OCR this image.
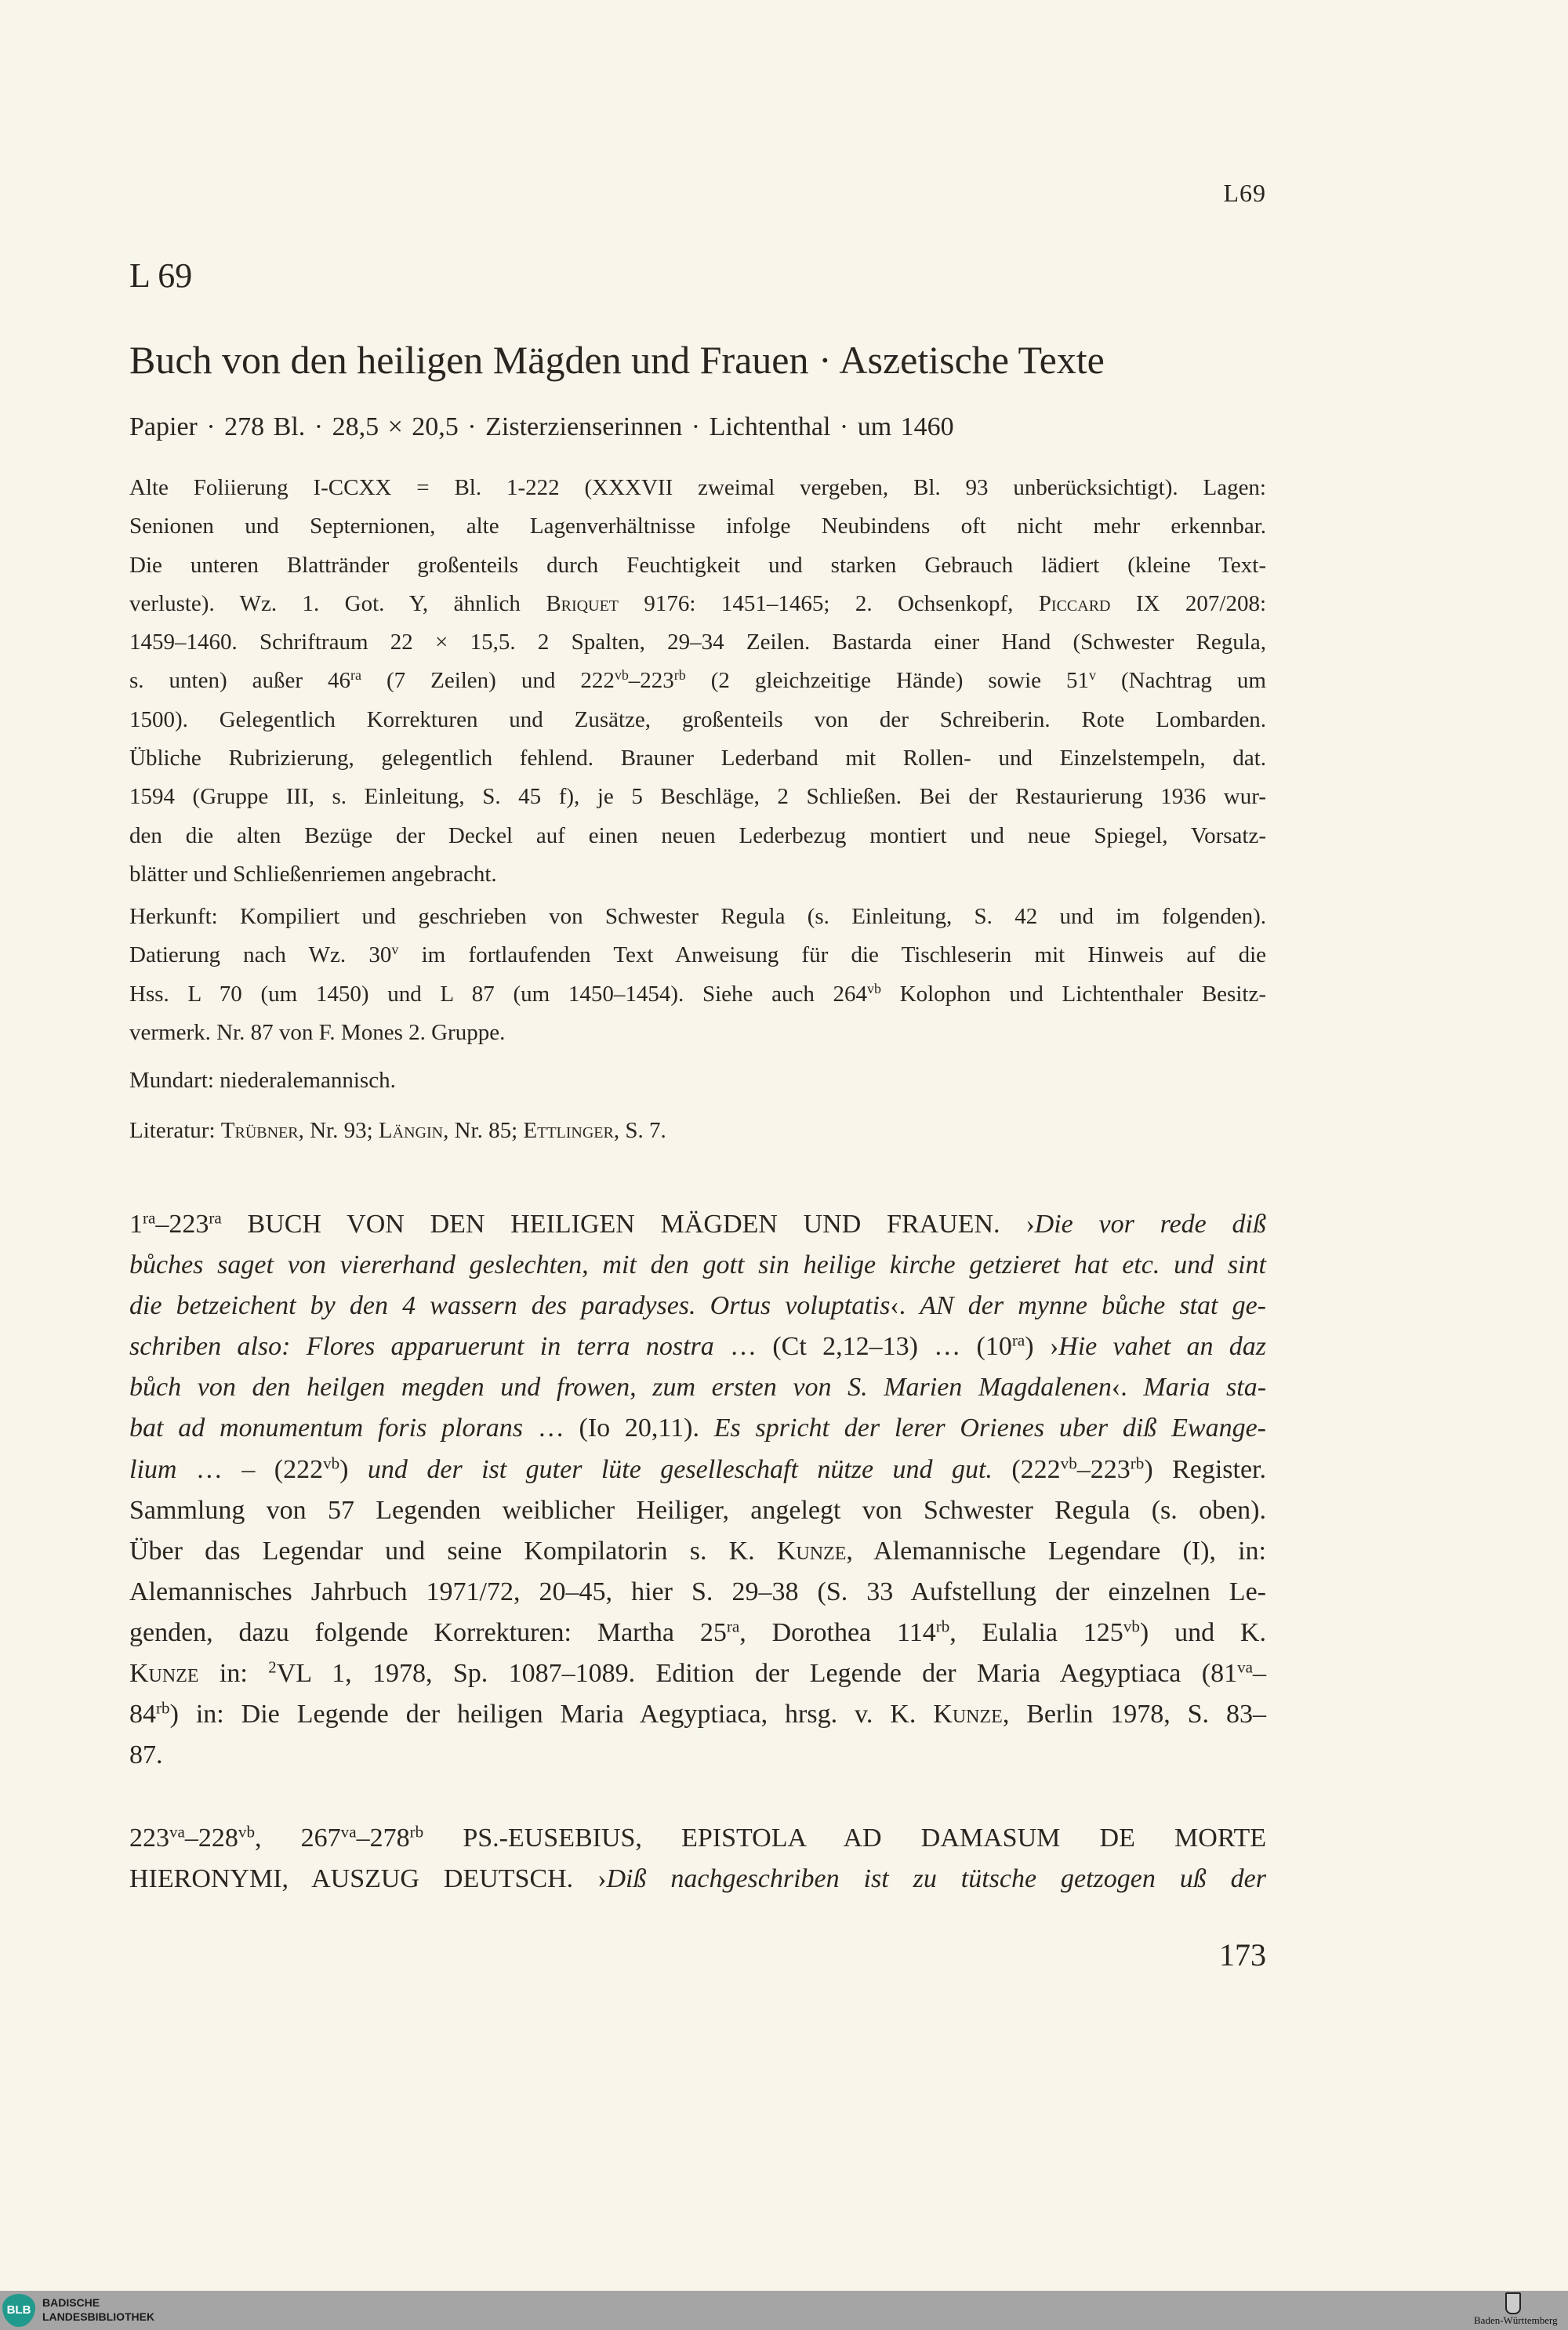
L69
L 69
Buch von den heiligen Mägden und Frauen · Aszetische Texte
Papier · 278 Bl. · 28,5 × 20,5 · Zisterzienserinnen · Lichtenthal · um 1460
Alte Foliierung I-CCXX = Bl. 1-222 (XXXVII zweimal vergeben, Bl. 93 unberücksichtigt). Lagen:
Senionen und Septernionen, alte Lagenverhältnisse infolge Neubindens oft nicht mehr erkennbar.
Die unteren Blattränder großenteils durch Feuchtigkeit und starken Gebrauch lädiert (kleine Text-
verluste). Wz. 1. Got. Y, ähnlich Briquet 9176: 1451–1465; 2. Ochsenkopf, Piccard IX 207/208:
1459–1460. Schriftraum 22 × 15,5. 2 Spalten, 29–34 Zeilen. Bastarda einer Hand (Schwester Regula,
s. unten) außer $46^{ra}$ (7 Zeilen) und $222^{vb}-223^{rb}$ (2 gleichzeitige Hände) sowie 51$^v$ (Nachtrag um
1500). Gelegentlich Korrekturen und Zusätze, großenteils von der Schreiberin. Rote Lombarden.
Übliche Rubrizierung, gelegentlich fehlend. Brauner Lederband mit Rollen- und Einzelstempeln, dat.
1594 (Gruppe III, s. Einleitung, S. 45 f), je 5 Beschläge, 2 Schließen. Bei der Restaurierung 1936 wur-
den die alten Bezüge der Deckel auf einen neuen Lederbezug montiert und neue Spiegel, Vorsatz-
blätter und Schließenriemen angebracht.
Herkunft: Kompiliert und geschrieben von Schwester Regula (s. Einleitung, S. 42 und im folgenden).
Datierung nach Wz. 30$^v$ im fortlaufenden Text Anweisung für die Tischleserin mit Hinweis auf die
Hss. L 70 (um 1450) und L 87 (um 1450–1454). Siehe auch $264^{vb}$ Kolophon und Lichtenthaler Besitz-
vermerk. Nr. 87 von F. Mones 2. Gruppe.
Mundart: niederalemannisch.
Literatur: Trübner, Nr. 93; Längin, Nr. 85; Ettlinger, S. 7.
$1^{ra}-223^{ra}$ BUCH VON DEN HEILIGEN MÄGDEN UND FRAUEN. ›Die vor rede diß
bůches saget von viererhand geslechten, mit den gott sin heilige kirche getzieret hat etc. und sint
die betzeichent by den 4 wassern des paradyses. Ortus voluptatis‹. AN der mynne bůche stat ge-
schriben also: Flores apparuerunt in terra nostra … (Ct 2,12–13) … $(10^{ra})$ ›Hie vahet an daz
bůch von den heilgen megden und frowen, zum ersten von S. Marien Magdalenen‹. Maria sta-
bat ad monumentum foris plorans … (Io 20,11). Es spricht der lerer Orienes uber diß Ewange-
lium … – $(222^{vb})$ und der ist guter lüte geselleschaft nütze und gut. $(222^{vb}-223^{rb})$ Register.
Sammlung von 57 Legenden weiblicher Heiliger, angelegt von Schwester Regula (s. oben).
Über das Legendar und seine Kompilatorin s. K. Kunze, Alemannische Legendare (I), in:
Alemannisches Jahrbuch 1971/72, 20–45, hier S. 29–38 (S. 33 Aufstellung der einzelnen Le-
genden, dazu folgende Korrekturen: Martha $25^{ra}$, Dorothea $114^{rb}$, Eulalia $125^{vb}$) und K.
Kunze in: $^2$VL 1, 1978, Sp. 1087–1089. Edition der Legende der Maria Aegyptiaca ($81^{va}-$
$84^{rb}$) in: Die Legende der heiligen Maria Aegyptiaca, hrsg. v. K. Kunze, Berlin 1978, S. 83–
87.
$223^{va}-228^{vb}$, $267^{va}-278^{rb}$ PS.-EUSEBIUS, EPISTOLA AD DAMASUM DE MORTE
HIERONYMI, AUSZUG DEUTSCH. ›Diß nachgeschriben ist zu tütsche getzogen uß der
173
BLB
BADISCHE
LANDESBIBLIOTHEK	Baden-Württemberg
